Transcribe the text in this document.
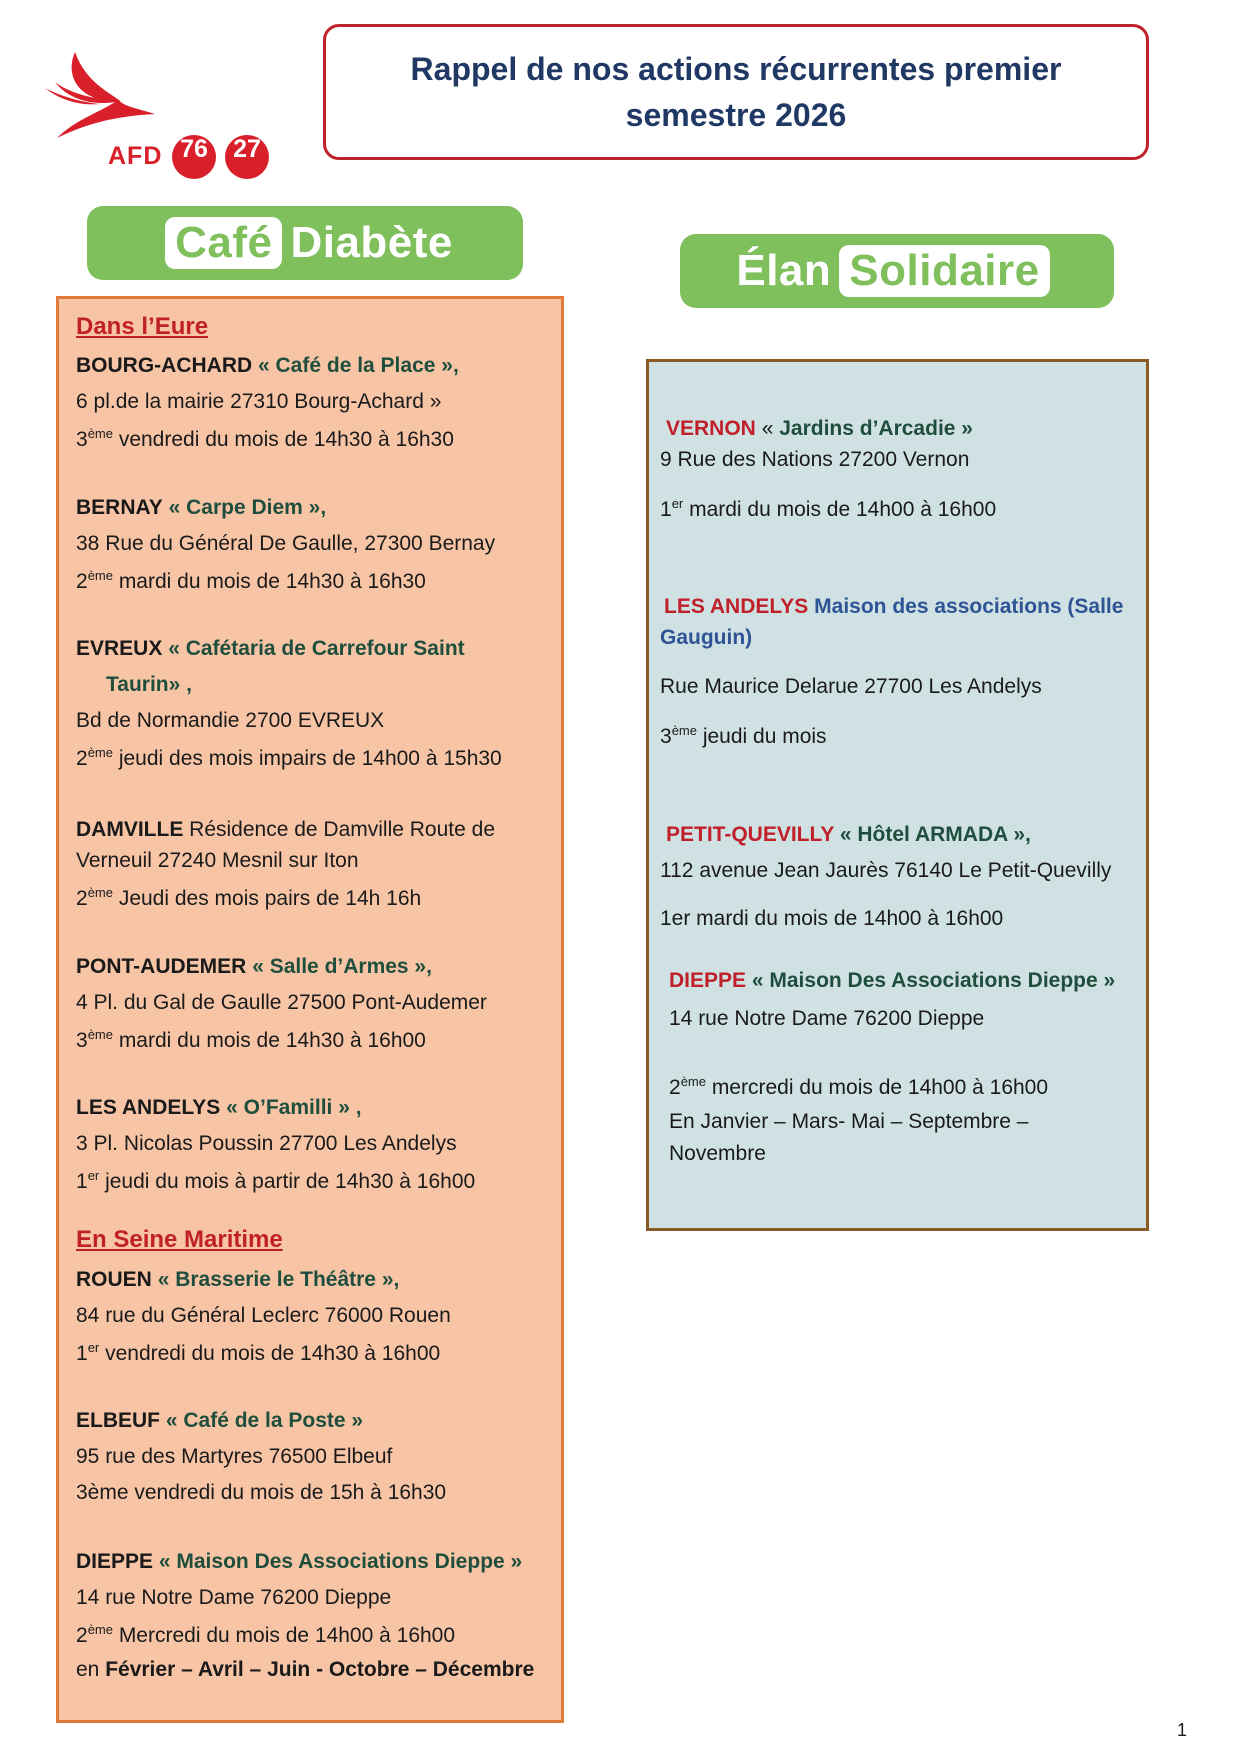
AFD 76	27
Rappel de nos actions récurrentes premier
semestre 2026
Café Diabète
Élan Solidaire
Dans l’Eure
BOURG-ACHARD « Café de la Place »,
6 pl.de la mairie 27310 Bourg-Achard »
3ème vendredi du mois de 14h30 à 16h30
BERNAY « Carpe Diem »,
38 Rue du Général De Gaulle, 27300 Bernay
2ème mardi du mois de 14h30 à 16h30
EVREUX « Cafétaria de Carrefour Saint
Taurin» ,
Bd de Normandie 2700 EVREUX
2ème jeudi des mois impairs de 14h00 à 15h30
DAMVILLE Résidence de Damville Route de
Verneuil 27240 Mesnil sur Iton
2ème Jeudi des mois pairs de 14h 16h
PONT-AUDEMER « Salle d’Armes »,
4 Pl. du Gal de Gaulle 27500 Pont-Audemer
3ème mardi du mois de 14h30 à 16h00
LES ANDELYS « O’Familli » ,
3 Pl. Nicolas Poussin 27700 Les Andelys
1er jeudi du mois à partir de 14h30 à 16h00
En Seine Maritime
ROUEN « Brasserie le Théâtre »,
84 rue du Général Leclerc 76000 Rouen
1er vendredi du mois de 14h30 à 16h00
ELBEUF « Café de la Poste »
95 rue des Martyres 76500 Elbeuf
3ème vendredi du mois de 15h à 16h30
DIEPPE « Maison Des Associations Dieppe »
14 rue Notre Dame 76200 Dieppe
2ème Mercredi du mois de 14h00 à 16h00
en Février – Avril – Juin - Octobre – Décembre
VERNON « Jardins d’Arcadie »
9 Rue des Nations 27200 Vernon
1er mardi du mois de 14h00 à 16h00
LES ANDELYS Maison des associations (Salle
Gauguin)
Rue Maurice Delarue 27700 Les Andelys
3ème jeudi du mois
PETIT-QUEVILLY « Hôtel ARMADA »,
112 avenue Jean Jaurès 76140 Le Petit-Quevilly
1er mardi du mois de 14h00 à 16h00
DIEPPE « Maison Des Associations Dieppe »
14 rue Notre Dame 76200 Dieppe
2ème mercredi du mois de 14h00 à 16h00
En Janvier – Mars- Mai – Septembre –
Novembre
1
